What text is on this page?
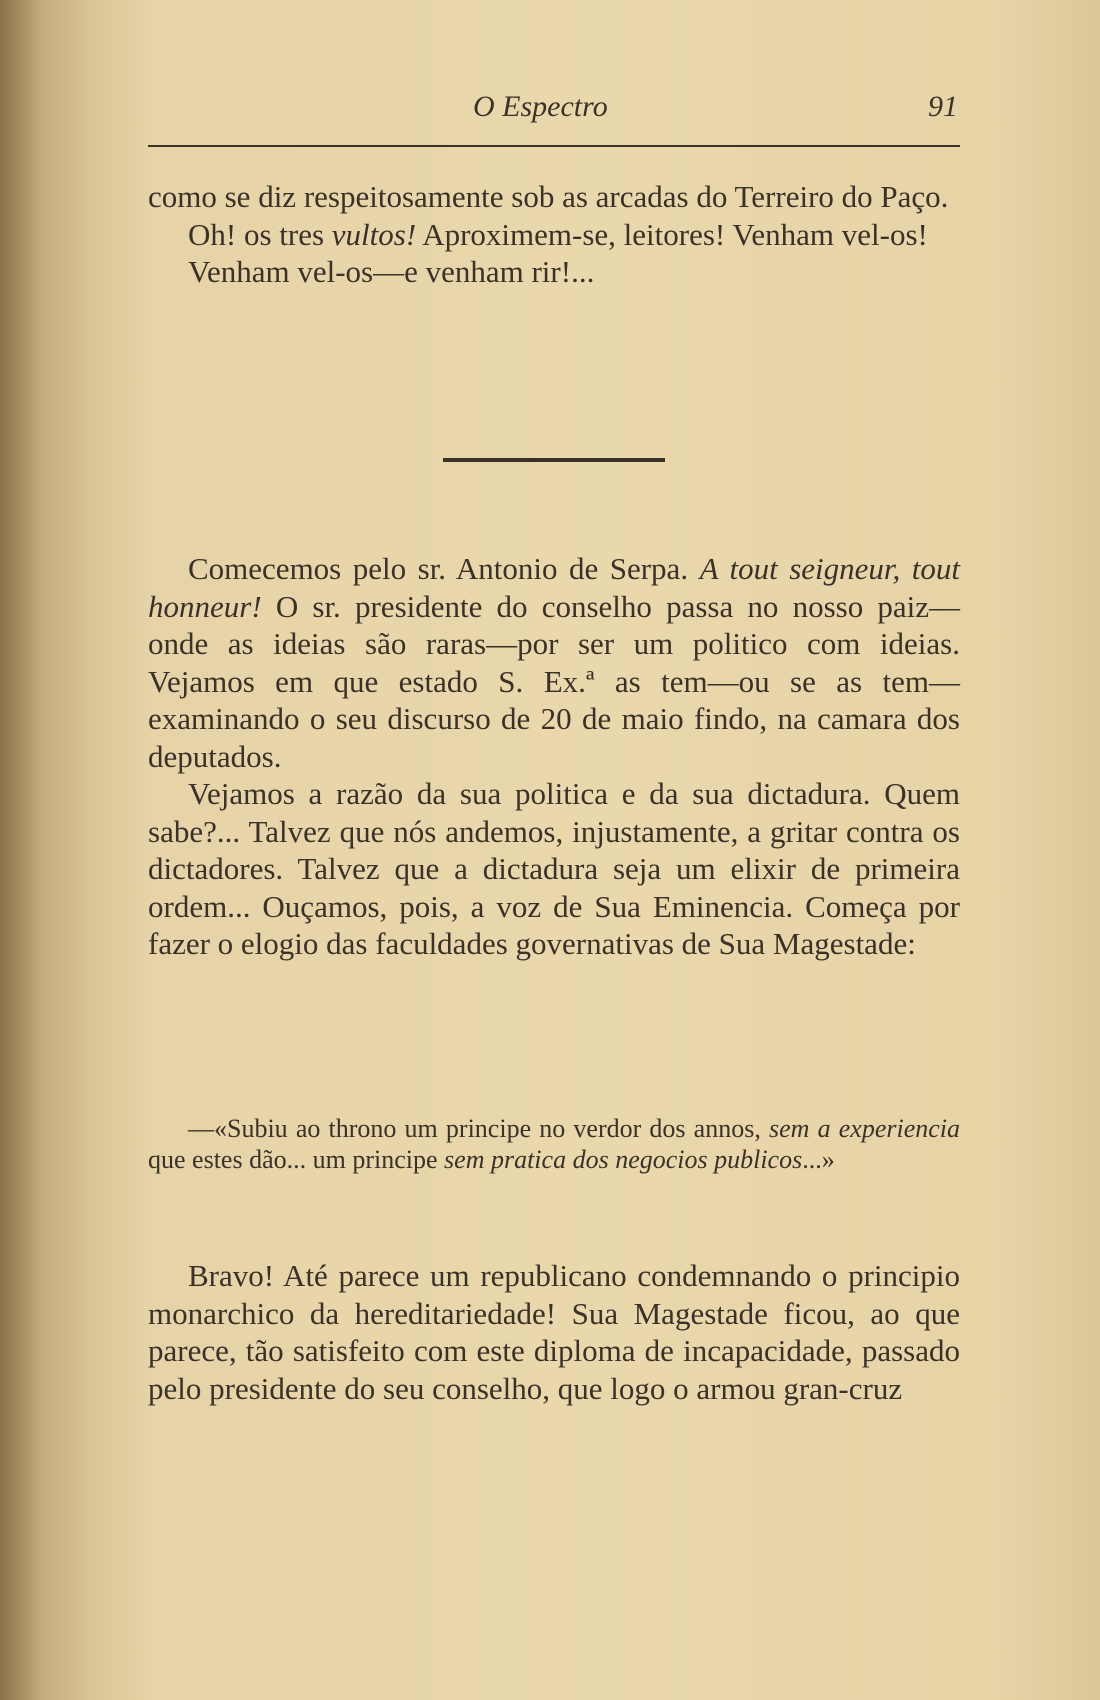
O Espectro	91

como se diz respeitosamente sob as arcadas do Terreiro do Paço.

Oh! os tres vultos! Aproximem-se, leitores! Venham vel-os!

Venham vel-os—e venham rir!...

Comecemos pelo sr. Antonio de Serpa. A tout seigneur, tout honneur! O sr. presidente do conselho passa no nosso paiz—onde as ideias são raras—por ser um politico com ideias. Vejamos em que estado S. Ex.ª as tem—ou se as tem—examinando o seu discurso de 20 de maio findo, na camara dos deputados.

Vejamos a razão da sua politica e da sua dictadura. Quem sabe?... Talvez que nós andemos, injustamente, a gritar contra os dictadores. Talvez que a dictadura seja um elixir de primeira ordem... Ouçamos, pois, a voz de Sua Eminencia. Começa por fazer o elogio das faculdades governativas de Sua Magestade:

—«Subiu ao throno um principe no verdor dos annos, sem a experiencia que estes dão... um principe sem pratica dos negocios publicos...»

Bravo! Até parece um republicano condemnando o principio monarchico da hereditariedade! Sua Magestade ficou, ao que parece, tão satisfeito com este diploma de incapacidade, passado pelo presidente do seu conselho, que logo o armou gran-cruz
